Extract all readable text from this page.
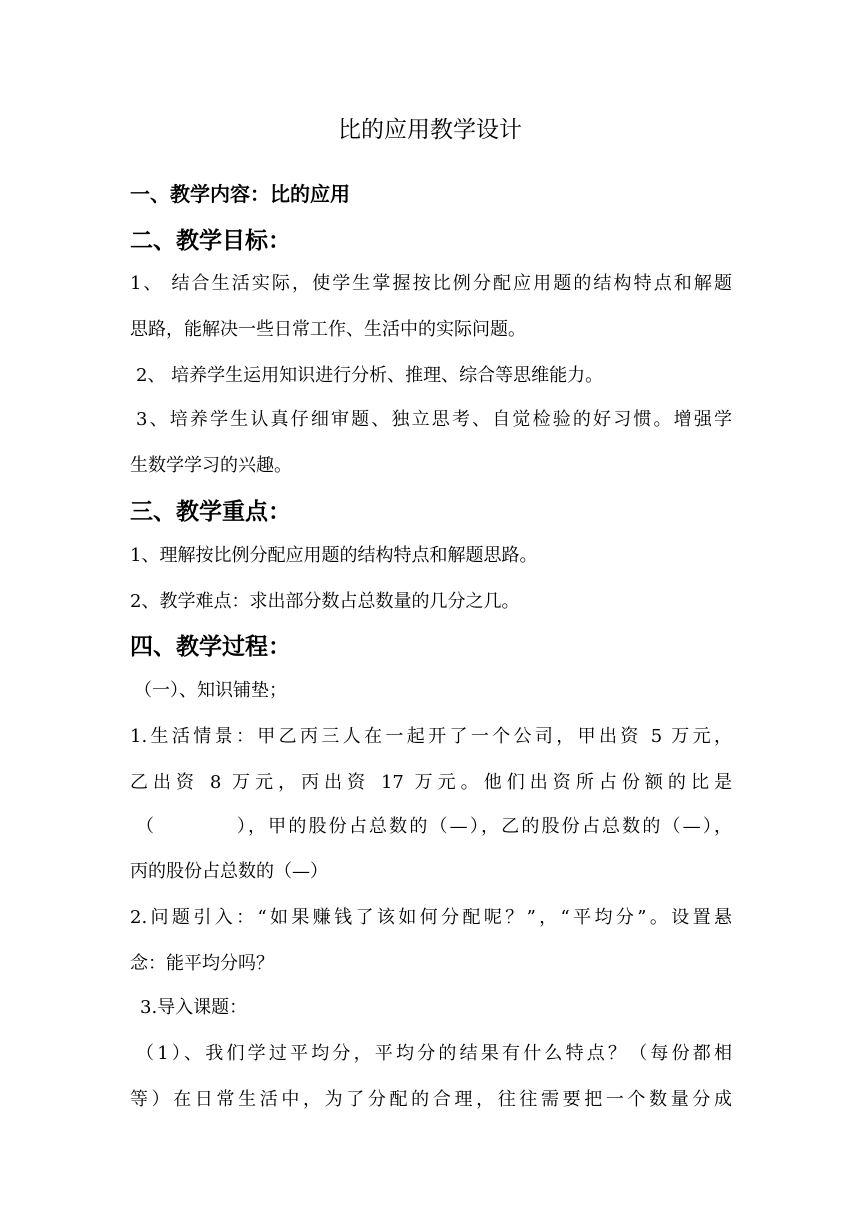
比的应用教学设计
一、教学内容：比的应用
二、教学目标：
1、 结合生活实际，使学生掌握按比例分配应用题的结构特点和解题
思路，能解决一些日常工作、生活中的实际问题。
2、 培养学生运用知识进行分析、推理、综合等思维能力。
3、培养学生认真仔细审题、独立思考、自觉检验的好习惯。增强学
生数学学习的兴趣。
三、教学重点：
1、理解按比例分配应用题的结构特点和解题思路。
2、教学难点：求出部分数占总数量的几分之几。
四、教学过程：
（一）、知识铺垫；
1.生活情景：甲乙丙三人在一起开了一个公司，甲出资 5 万元，
乙出资 8 万元，丙出资 17 万元。他们出资所占份额的比是
（　　　　），甲的股份占总数的（—），乙的股份占总数的（—），
丙的股份占总数的（—）
2.问题引入：“如果赚钱了该如何分配呢？”，“平均分”。设置悬
念：能平均分吗？
3.导入课题：
（1）、我们学过平均分，平均分的结果有什么特点？（每份都相
等）在日常生活中，为了分配的合理，往往需要把一个数量分成
